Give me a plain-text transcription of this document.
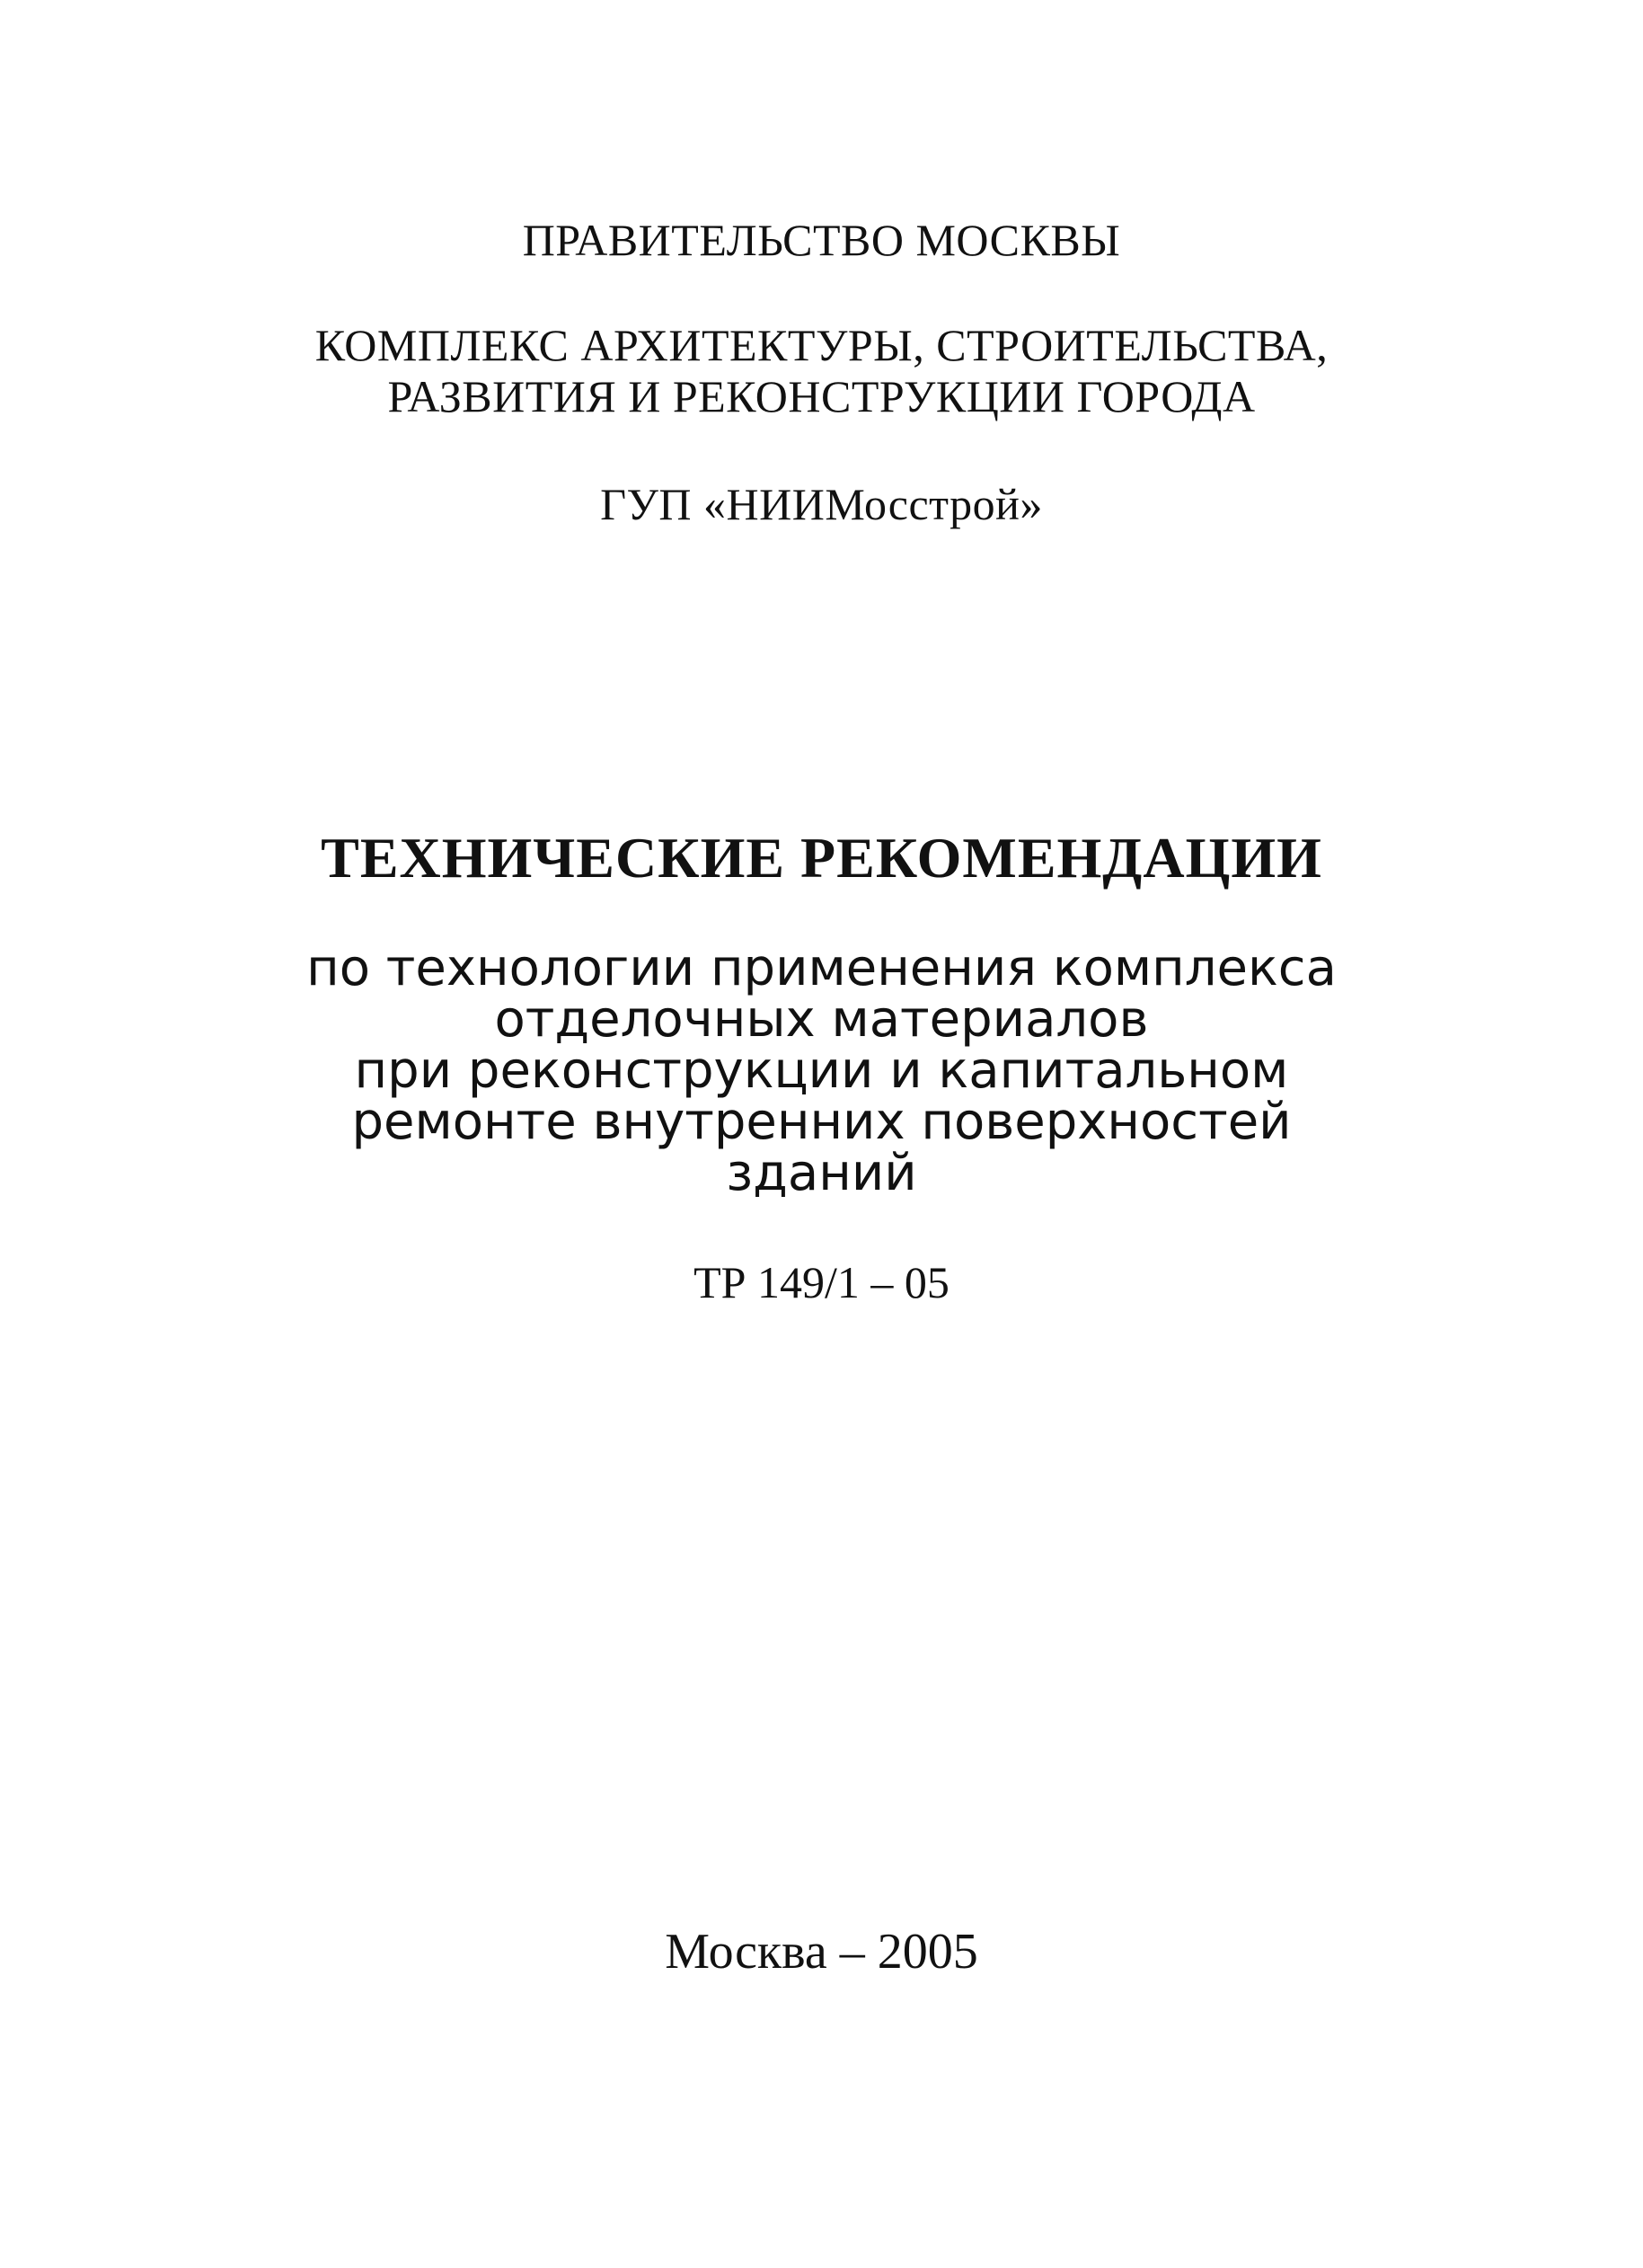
ПРАВИТЕЛЬСТВО МОСКВЫ

КОМПЛЕКС АРХИТЕКТУРЫ, СТРОИТЕЛЬСТВА,

РАЗВИТИЯ И РЕКОНСТРУКЦИИ ГОРОДА

ГУП «НИИМосстрой»

ТЕХНИЧЕСКИЕ РЕКОМЕНДАЦИИ

по технологии применения комплекса

отделочных материалов

при реконструкции и капитальном

ремонте внутренних поверхностей

зданий

ТР 149/1 – 05

Москва – 2005
